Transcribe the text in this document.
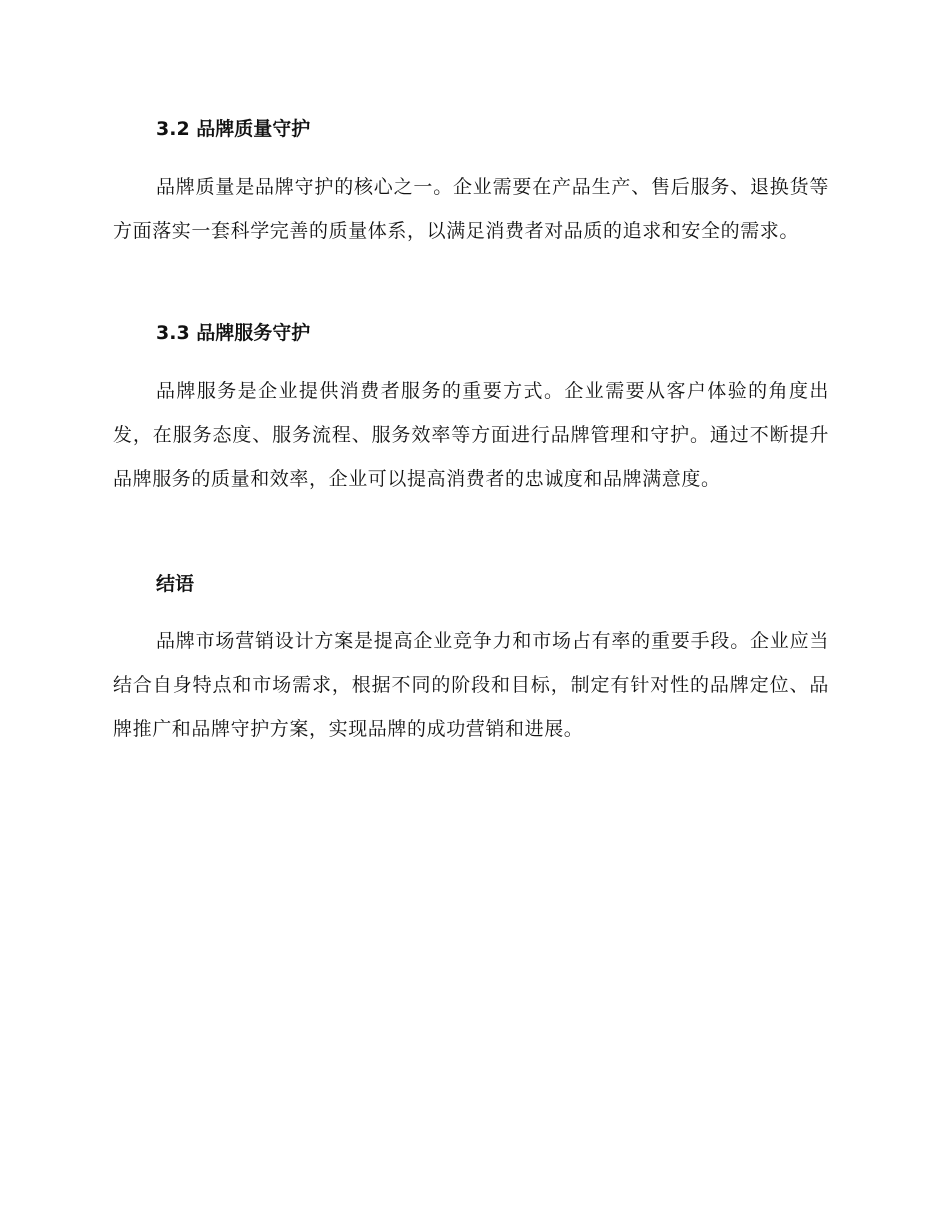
3.2 品牌质量守护

品牌质量是品牌守护的核心之一。企业需要在产品生产、售后服务、退换货等方面落实一套科学完善的质量体系，以满足消费者对品质的追求和安全的需求。

3.3 品牌服务守护

品牌服务是企业提供消费者服务的重要方式。企业需要从客户体验的角度出发，在服务态度、服务流程、服务效率等方面进行品牌管理和守护。通过不断提升品牌服务的质量和效率，企业可以提高消费者的忠诚度和品牌满意度。

结语

品牌市场营销设计方案是提高企业竞争力和市场占有率的重要手段。企业应当结合自身特点和市场需求，根据不同的阶段和目标，制定有针对性的品牌定位、品牌推广和品牌守护方案，实现品牌的成功营销和进展。
